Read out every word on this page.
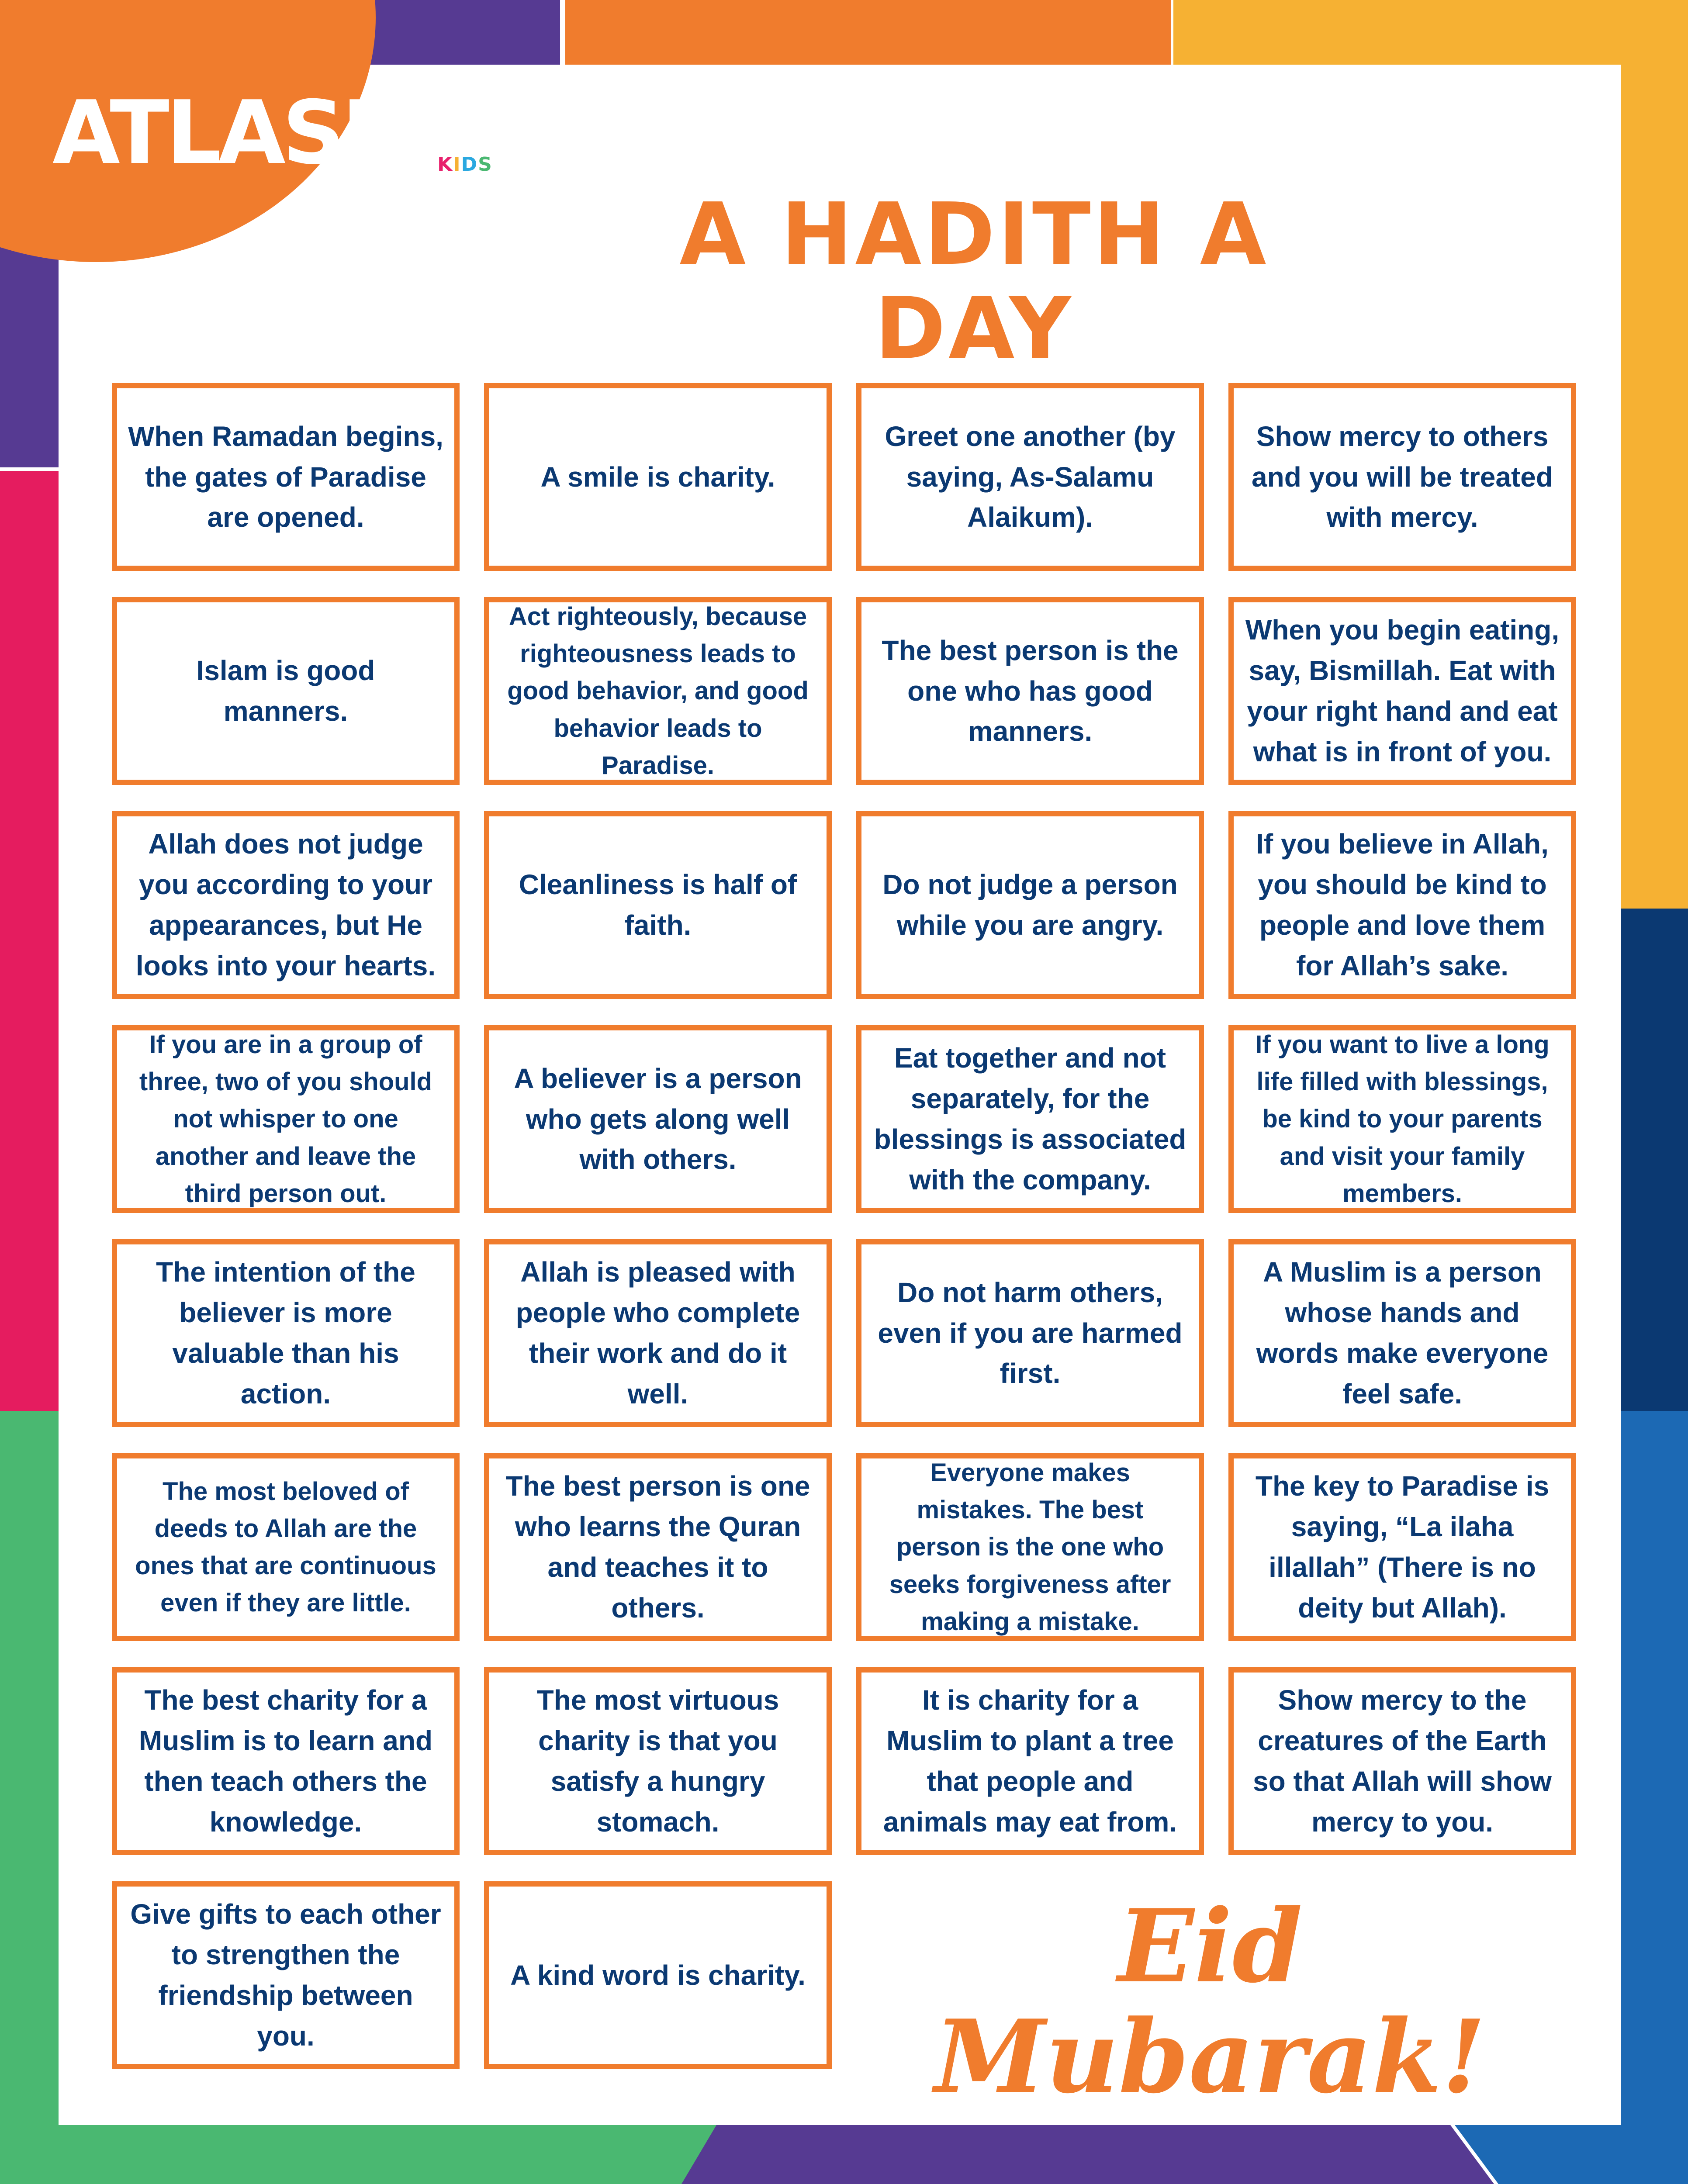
ATLASIA KIDS
A HADITH A DAY
When Ramadan begins, the gates of Paradise are opened.
A smile is charity.
Greet one another (by saying, As-Salamu Alaikum).
Show mercy to others and you will be treated with mercy.
Islam is good manners.
Act righteously, because righteousness leads to good behavior, and good behavior leads to Paradise.
The best person is the one who has good manners.
When you begin eating, say, Bismillah. Eat with your right hand and eat what is in front of you.
Allah does not judge you according to your appearances, but He looks into your hearts.
Cleanliness is half of faith.
Do not judge a person while you are angry.
If you believe in Allah, you should be kind to people and love them for Allah’s sake.
If you are in a group of three, two of you should not whisper to one another and leave the third person out.
A believer is a person who gets along well with others.
Eat together and not separately, for the blessings is associated with the company.
If you want to live a long life filled with blessings, be kind to your parents and visit your family members.
The intention of the believer is more valuable than his action.
Allah is pleased with people who complete their work and do it well.
Do not harm others, even if you are harmed first.
A Muslim is a person whose hands and words make everyone feel safe.
The most beloved of deeds to Allah are the ones that are continuous even if they are little.
The best person is one who learns the Quran and teaches it to others.
Everyone makes mistakes. The best person is the one who seeks forgiveness after making a mistake.
The key to Paradise is saying, “La ilaha illallah” (There is no deity but Allah).
The best charity for a Muslim is to learn and then teach others the knowledge.
The most virtuous charity is that you satisfy a hungry stomach.
It is charity for a Muslim to plant a tree that people and animals may eat from.
Show mercy to the creatures of the Earth so that Allah will show mercy to you.
Give gifts to each other to strengthen the friendship between you.
A kind word is charity.	Eid Mubarak!
